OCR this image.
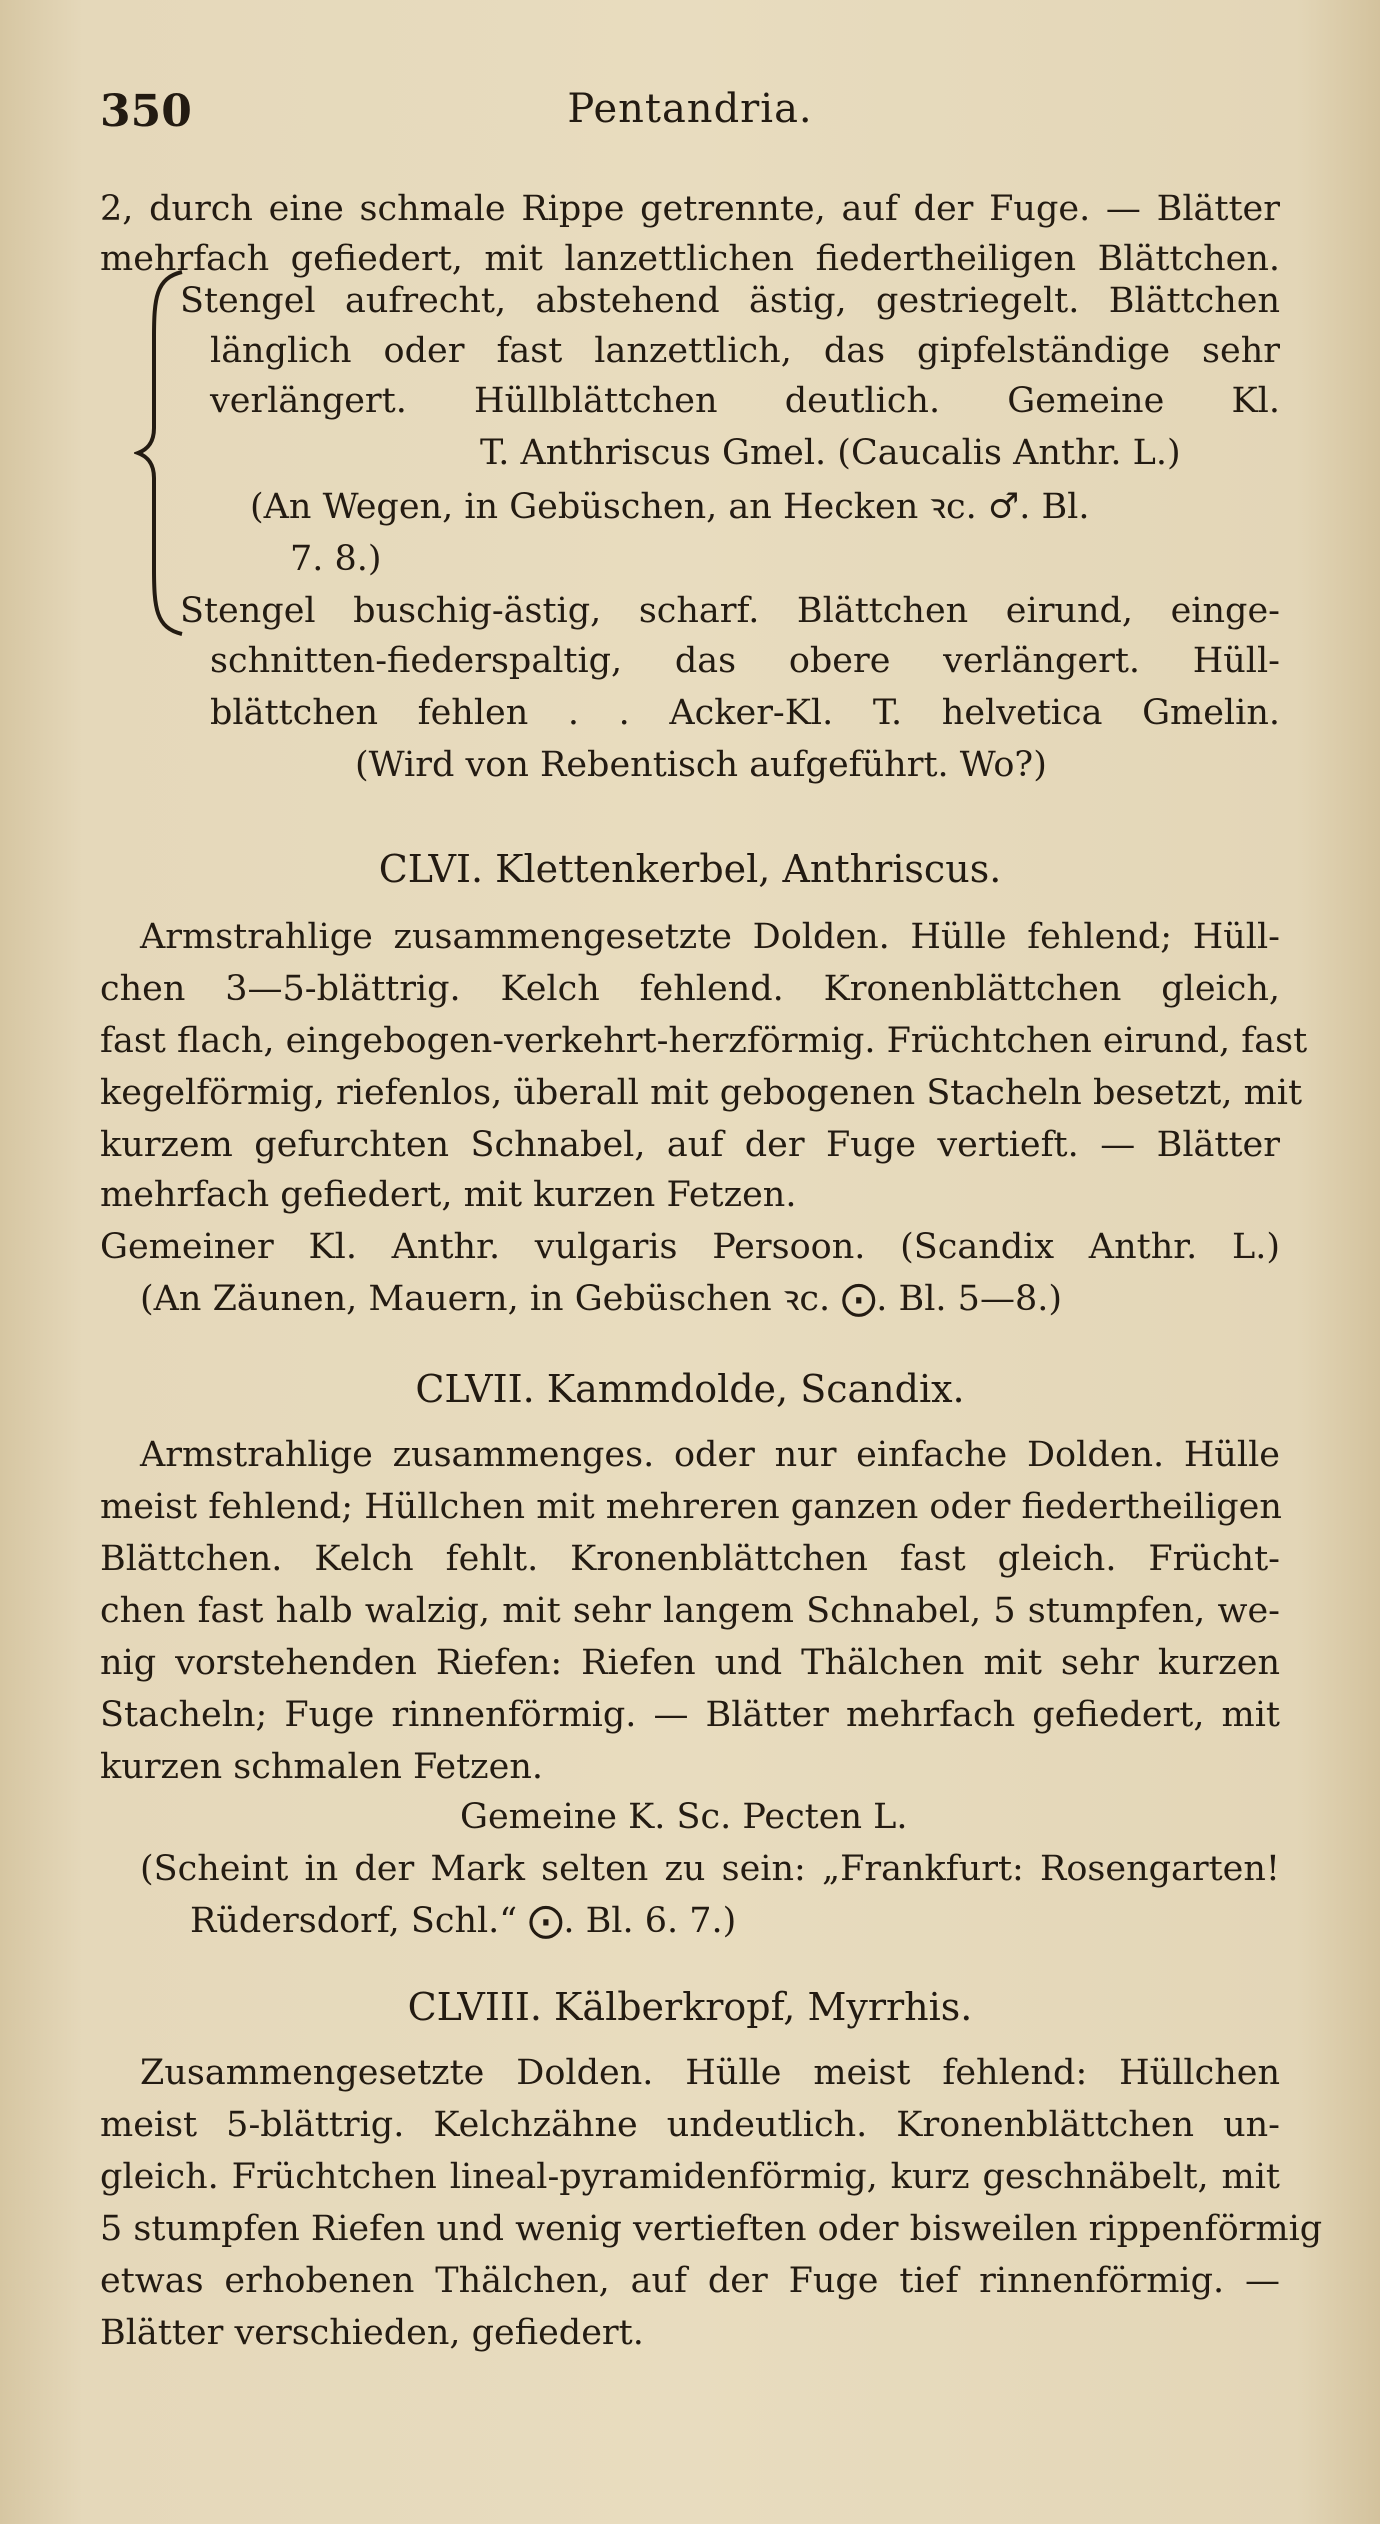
350	Pentandria.
2, durch eine schmale Rippe getrennte, auf der Fuge. — Blätter
mehrfach gefiedert, mit lanzettlichen fiedertheiligen Blättchen.
Stengel aufrecht, abstehend ästig, gestriegelt. Blättchen
länglich oder fast lanzettlich, das gipfelständige sehr
verlängert. Hüllblättchen deutlich. Gemeine Kl.
T. Anthriscus Gmel. (Caucalis Anthr. L.)
(An Wegen, in Gebüschen, an Hecken ꝛc. ♂. Bl.
7. 8.)
Stengel buschig-ästig, scharf. Blättchen eirund, einge-
schnitten-fiederspaltig, das obere verlängert. Hüll-
blättchen fehlen . . Acker-Kl. T. helvetica Gmelin.
(Wird von Rebentisch aufgeführt. Wo?)
CLVI. Klettenkerbel, Anthriscus.
Armstrahlige zusammengesetzte Dolden. Hülle fehlend; Hüll-
chen 3—5-blättrig. Kelch fehlend. Kronenblättchen gleich,
fast flach, eingebogen-verkehrt-herzförmig. Früchtchen eirund, fast
kegelförmig, riefenlos, überall mit gebogenen Stacheln besetzt, mit
kurzem gefurchten Schnabel, auf der Fuge vertieft. — Blätter
mehrfach gefiedert, mit kurzen Fetzen.
Gemeiner Kl. Anthr. vulgaris Persoon. (Scandix Anthr. L.)
(An Zäunen, Mauern, in Gebüschen ꝛc. ⨀. Bl. 5—8.)
CLVII. Kammdolde, Scandix.
Armstrahlige zusammenges. oder nur einfache Dolden. Hülle
meist fehlend; Hüllchen mit mehreren ganzen oder fiedertheiligen
Blättchen. Kelch fehlt. Kronenblättchen fast gleich. Frücht-
chen fast halb walzig, mit sehr langem Schnabel, 5 stumpfen, we-
nig vorstehenden Riefen: Riefen und Thälchen mit sehr kurzen
Stacheln; Fuge rinnenförmig. — Blätter mehrfach gefiedert, mit
kurzen schmalen Fetzen.
Gemeine K. Sc. Pecten L.
(Scheint in der Mark selten zu sein: „Frankfurt: Rosengarten!
Rüdersdorf, Schl.“ ⨀. Bl. 6. 7.)
CLVIII. Kälberkropf, Myrrhis.
Zusammengesetzte Dolden. Hülle meist fehlend: Hüllchen
meist 5-blättrig. Kelchzähne undeutlich. Kronenblättchen un-
gleich. Früchtchen lineal-pyramidenförmig, kurz geschnäbelt, mit
5 stumpfen Riefen und wenig vertieften oder bisweilen rippenförmig
etwas erhobenen Thälchen, auf der Fuge tief rinnenförmig. —
Blätter verschieden, gefiedert.
